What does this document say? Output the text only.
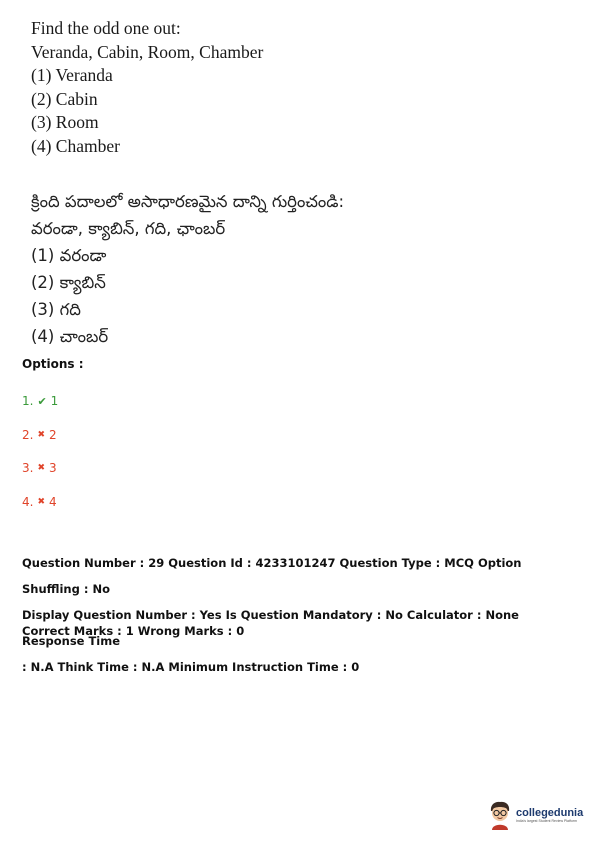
Find the odd one out:
Veranda, Cabin, Room, Chamber
(1) Veranda
(2) Cabin
(3) Room
(4) Chamber
క్రింది పదాలలో అసాధారణమైన దాన్ని గుర్తించండి:
వరండా, క్యాబిన్, గది, ఛాంబర్
(1) వరండా
(2) క్యాబిన్
(3) గది
(4) చాంబర్
Options :
1. ✔ 1
2. ✖ 2
3. ✖ 3
4. ✖ 4

Question Number : 29 Question Id : 4233101247 Question Type : MCQ Option Shuffling : No

Display Question Number : Yes Is Question Mandatory : No Calculator : None Response Time

: N.A Think Time : N.A Minimum Instruction Time : 0

Correct Marks : 1 Wrong Marks : 0
collegedunia
India's largest Student Review Platform
